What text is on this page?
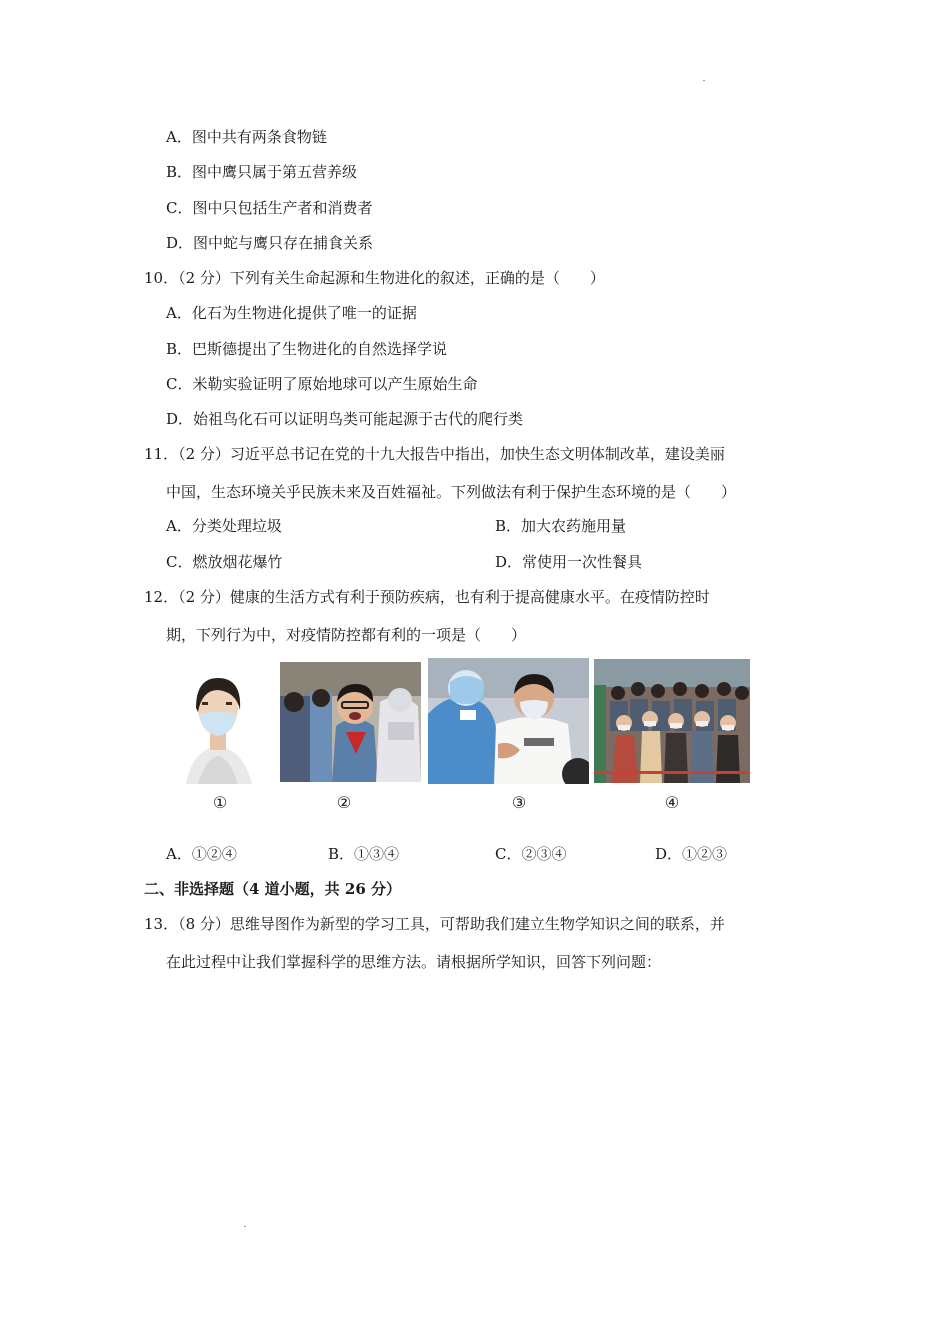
A．图中共有两条食物链
B．图中鹰只属于第五营养级
C．图中只包括生产者和消费者
D．图中蛇与鹰只存在捕食关系
10．（2 分）下列有关生命起源和生物进化的叙述，正确的是（　　）
A．化石为生物进化提供了唯一的证据
B．巴斯德提出了生物进化的自然选择学说
C．米勒实验证明了原始地球可以产生原始生命
D．始祖鸟化石可以证明鸟类可能起源于古代的爬行类
11．（2 分）习近平总书记在党的十九大报告中指出，加快生态文明体制改革，建设美丽
中国，生态环境关乎民族未来及百姓福祉。下列做法有利于保护生态环境的是（　　）
A．分类处理垃圾	B．加大农药施用量
C．燃放烟花爆竹	D．常使用一次性餐具
12．（2 分）健康的生活方式有利于预防疾病，也有利于提高健康水平。在疫情防控时
期，下列行为中，对疫情防控都有利的一项是（　　）
①	②	③	④
A．①②④	B．①③④	C．②③④	D．①②③
二、非选择题（4 道小题，共 26 分）
13．（8 分）思维导图作为新型的学习工具，可帮助我们建立生物学知识之间的联系，并
在此过程中让我们掌握科学的思维方法。请根据所学知识，回答下列问题：
